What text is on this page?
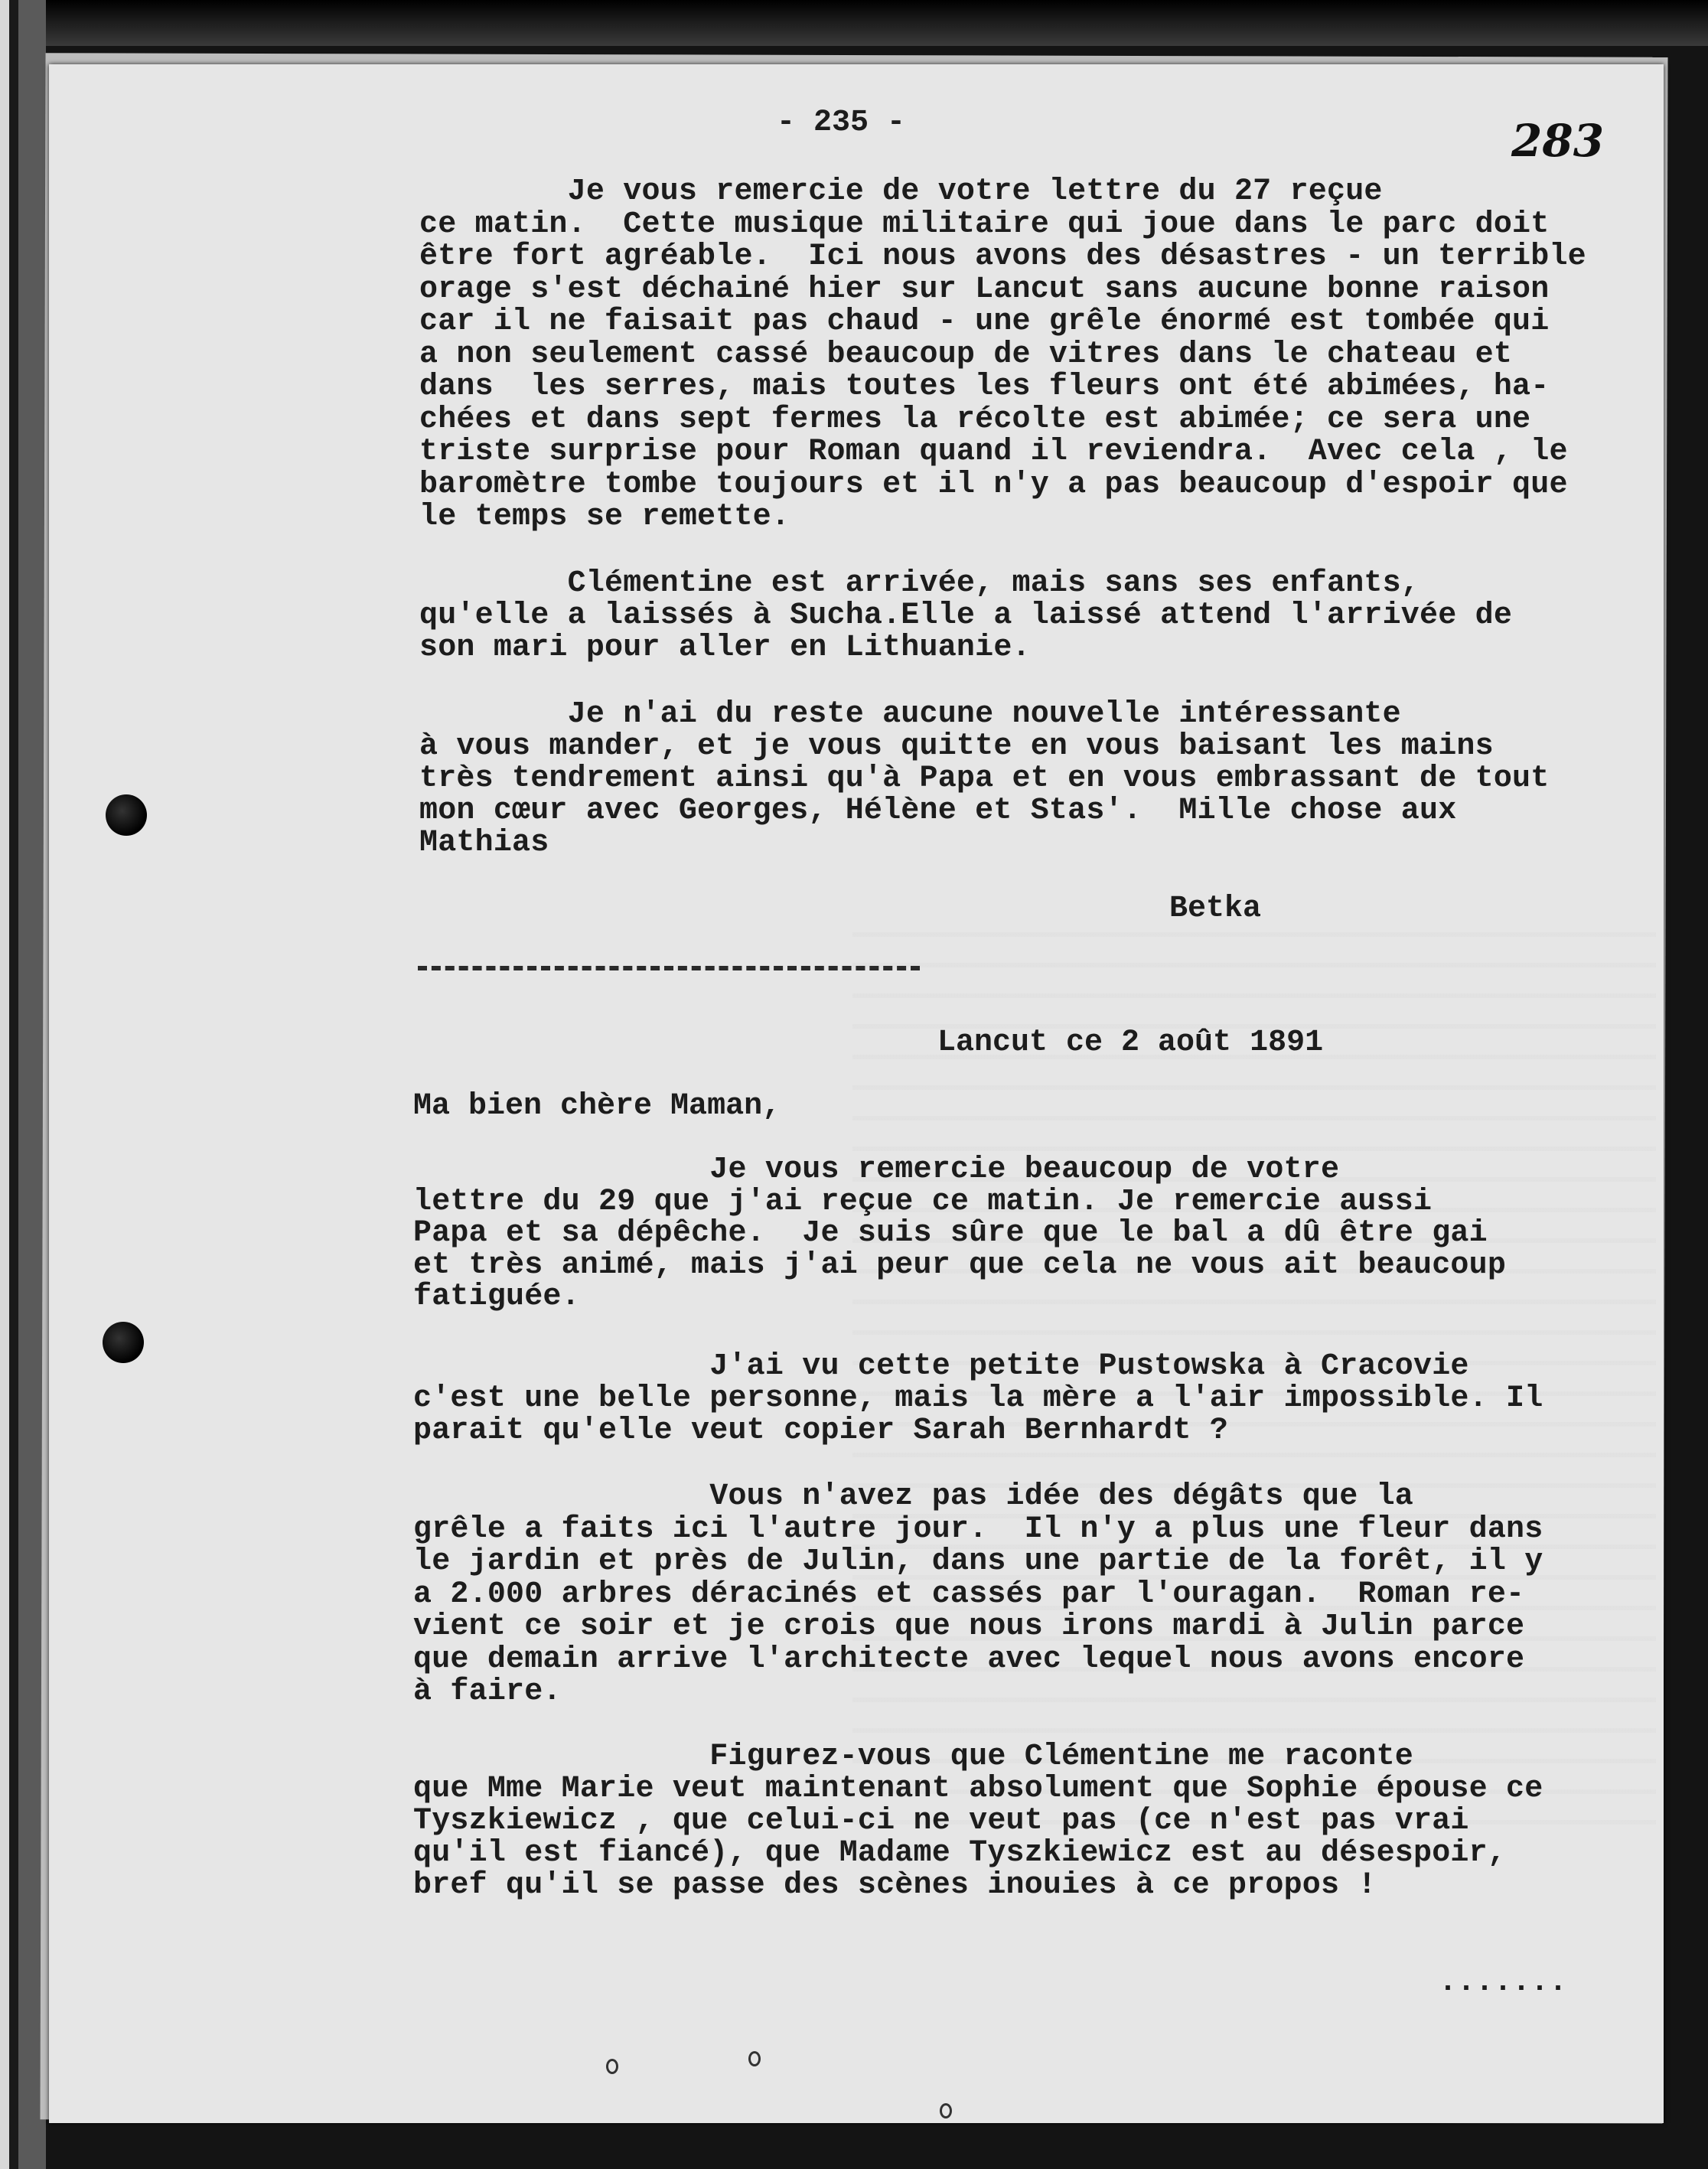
- 235 -	283
Je vous remercie de votre lettre du 27 reçue
ce matin.  Cette musique militaire qui joue dans le parc doit
être fort agréable.  Ici nous avons des désastres - un terrible
orage s'est déchainé hier sur Lancut sans aucune bonne raison
car il ne faisait pas chaud - une grêle énormé est tombée qui
a non seulement cassé beaucoup de vitres dans le chateau et
dans  les serres, mais toutes les fleurs ont été abimées, ha-
chées et dans sept fermes la récolte est abimée; ce sera une
triste surprise pour Roman quand il reviendra.  Avec cela , le
baromètre tombe toujours et il n'y a pas beaucoup d'espoir que
le temps se remette.
Clémentine est arrivée, mais sans ses enfants,
qu'elle a laissés à Sucha.Elle a laissé attend l'arrivée de
son mari pour aller en Lithuanie.
Je n'ai du reste aucune nouvelle intéressante
à vous mander, et je vous quitte en vous baisant les mains
très tendrement ainsi qu'à Papa et en vous embrassant de tout
mon cœur avec Georges, Hélène et Stas'.  Mille chose aux
Mathias
Betka
Lancut ce 2 août 1891
Ma bien chère Maman,
Je vous remercie beaucoup de votre
lettre du 29 que j'ai reçue ce matin. Je remercie aussi
Papa et sa dépêche.  Je suis sûre que le bal a dû être gai
et très animé, mais j'ai peur que cela ne vous ait beaucoup
fatiguée.
J'ai vu cette petite Pustowska à Cracovie
c'est une belle personne, mais la mère a l'air impossible. Il
parait qu'elle veut copier Sarah Bernhardt ?
Vous n'avez pas idée des dégâts que la
grêle a faits ici l'autre jour.  Il n'y a plus une fleur dans
le jardin et près de Julin, dans une partie de la forêt, il y
a 2.000 arbres déracinés et cassés par l'ouragan.  Roman re-
vient ce soir et je crois que nous irons mardi à Julin parce
que demain arrive l'architecte avec lequel nous avons encore
à faire.
Figurez-vous que Clémentine me raconte
que Mme Marie veut maintenant absolument que Sophie épouse ce
Tyszkiewicz , que celui-ci ne veut pas (ce n'est pas vrai
qu'il est fiancé), que Madame Tyszkiewicz est au désespoir,
bref qu'il se passe des scènes inouies à ce propos !
.......
